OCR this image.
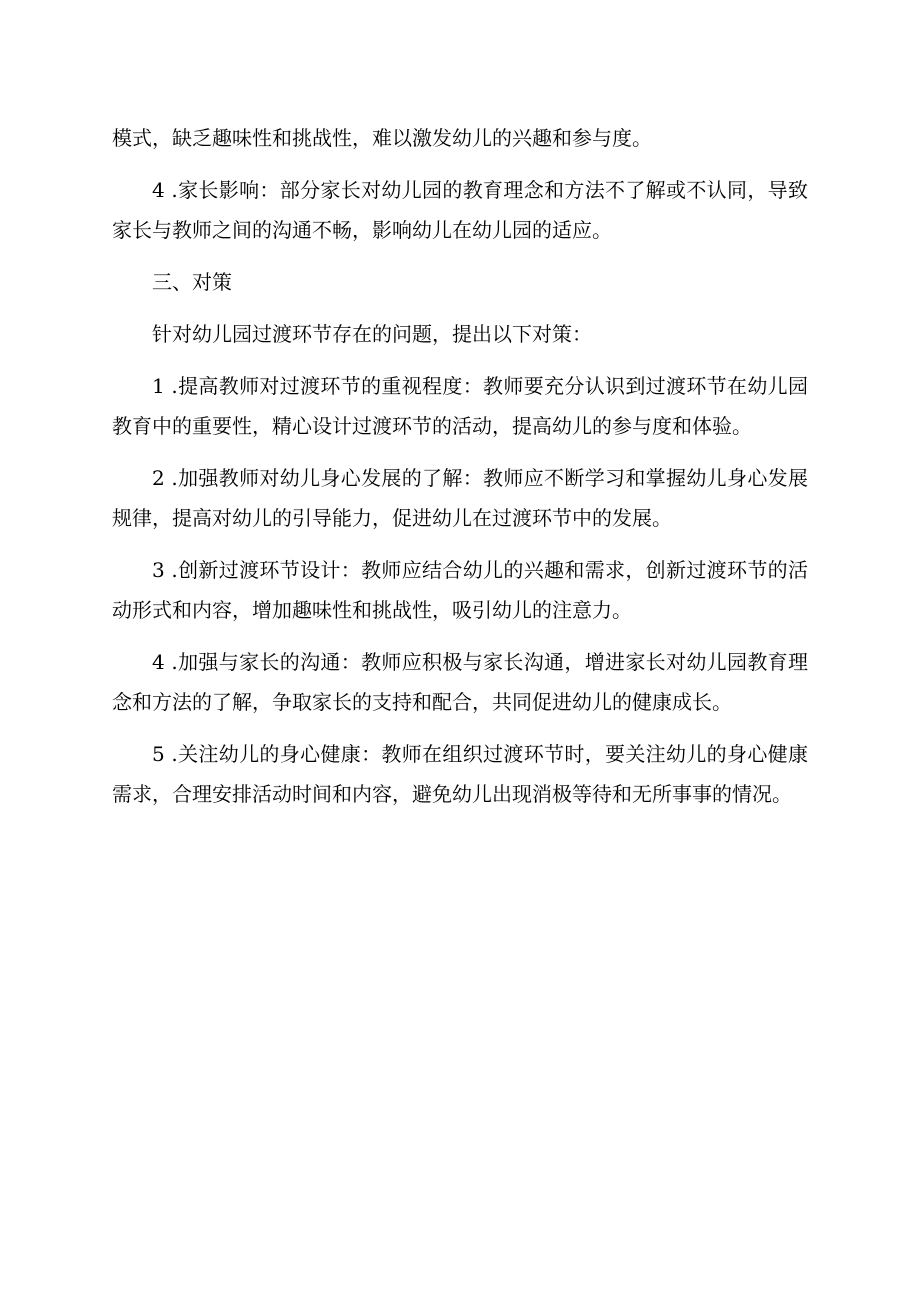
模式，缺乏趣味性和挑战性，难以激发幼儿的兴趣和参与度。

4 .家长影响：部分家长对幼儿园的教育理念和方法不了解或不认同，导致家长与教师之间的沟通不畅，影响幼儿在幼儿园的适应。

三、对策

针对幼儿园过渡环节存在的问题，提出以下对策：

1 .提高教师对过渡环节的重视程度：教师要充分认识到过渡环节在幼儿园教育中的重要性，精心设计过渡环节的活动，提高幼儿的参与度和体验。

2 .加强教师对幼儿身心发展的了解：教师应不断学习和掌握幼儿身心发展规律，提高对幼儿的引导能力，促进幼儿在过渡环节中的发展。

3 .创新过渡环节设计：教师应结合幼儿的兴趣和需求，创新过渡环节的活动形式和内容，增加趣味性和挑战性，吸引幼儿的注意力。

4 .加强与家长的沟通：教师应积极与家长沟通，增进家长对幼儿园教育理念和方法的了解，争取家长的支持和配合，共同促进幼儿的健康成长。

5 .关注幼儿的身心健康：教师在组织过渡环节时，要关注幼儿的身心健康需求，合理安排活动时间和内容，避免幼儿出现消极等待和无所事事的情况。
